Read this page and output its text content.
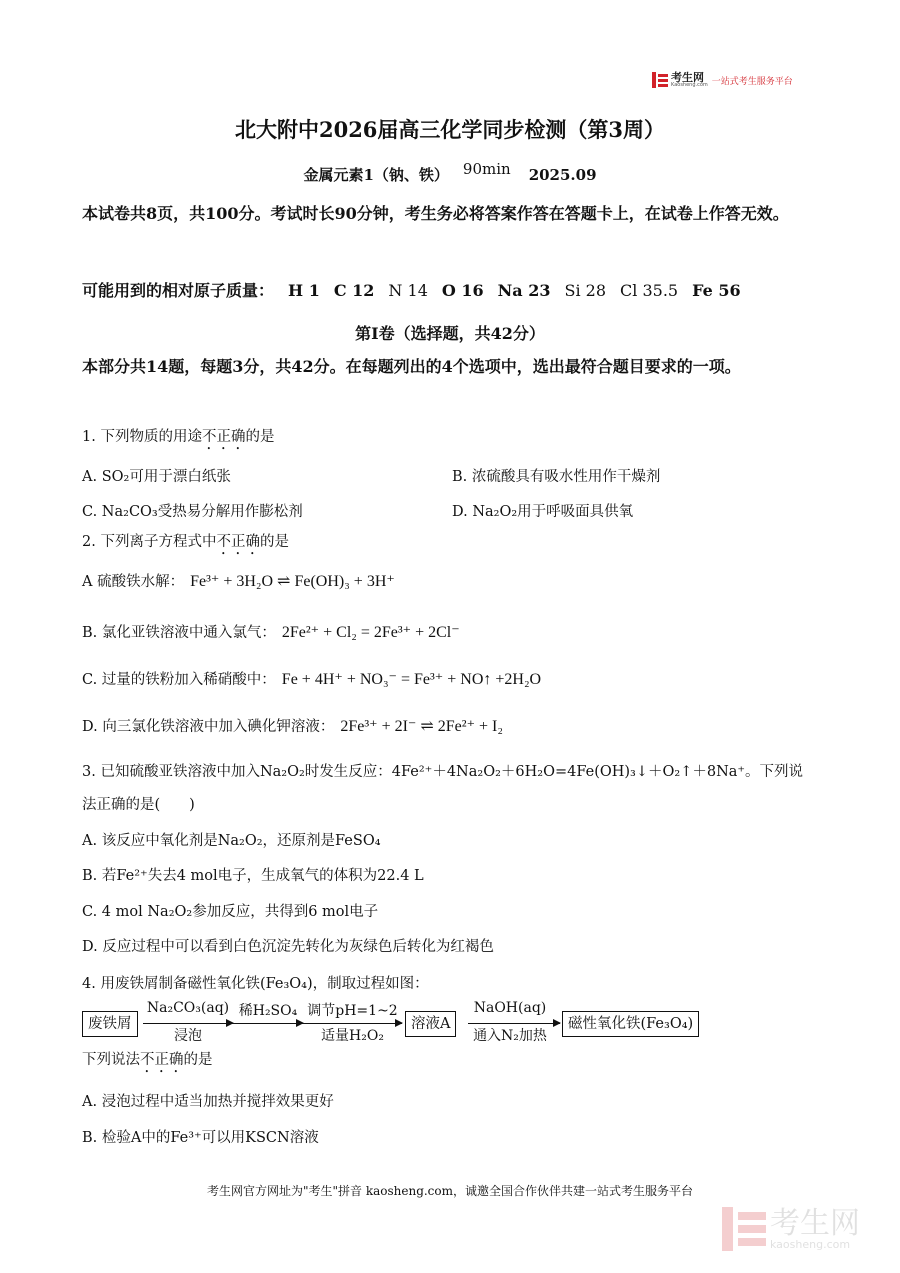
考生网
Kaosheng.com 一站式考生服务平台
北大附中2026届高三化学同步检测（第3周）
金属元素1（钠、铁） 90min 2025.09
本试卷共8页，共100分。考试时长90分钟，考生务必将答案作答在答题卡上，在试卷上作答无效。
可能用到的相对原子质量： H 1 C 12 N 14 O 16 Na 23 Si 28 Cl 35.5 Fe 56
第I卷（选择题，共42分）
本部分共14题，每题3分，共42分。在每题列出的4个选项中，选出最符合题目要求的一项。
1. 下列物质的用途不正确的是
A. SO₂可用于漂白纸张	B. 浓硫酸具有吸水性用作干燥剂
C. Na₂CO₃受热易分解用作膨松剂	D. Na₂O₂用于呼吸面具供氧
2. 下列离子方程式中不正确的是
A 硫酸铁水解： Fe³⁺ + 3H₂O ⇌ Fe(OH)₃ + 3H⁺
B. 氯化亚铁溶液中通入氯气： 2Fe²⁺ + Cl₂ = 2Fe³⁺ + 2Cl⁻
C. 过量的铁粉加入稀硝酸中： Fe + 4H⁺ + NO₃⁻ = Fe³⁺ + NO↑ +2H₂O
D. 向三氯化铁溶液中加入碘化钾溶液： 2Fe³⁺ + 2I⁻ ⇌ 2Fe²⁺ + I₂
3. 已知硫酸亚铁溶液中加入Na₂O₂时发生反应：4Fe²⁺＋4Na₂O₂＋6H₂O=4Fe(OH)₃↓＋O₂↑＋8Na⁺。下列说
法正确的是(　　)
A. 该反应中氧化剂是Na₂O₂，还原剂是FeSO₄
B. 若Fe²⁺失去4 mol电子，生成氧气的体积为22.4 L
C. 4 mol Na₂O₂参加反应，共得到6 mol电子
D. 反应过程中可以看到白色沉淀先转化为灰绿色后转化为红褐色
4. 用废铁屑制备磁性氧化铁(Fe₃O₄)，制取过程如图：
废铁屑
Na₂CO₃(aq)
浸泡
稀H₂SO₄ 调节pH=1~2
适量H₂O₂
溶液A
NaOH(aq)
通入N₂加热
磁性氧化铁(Fe₃O₄)
下列说法不正确的是
A. 浸泡过程中适当加热并搅拌效果更好
B. 检验A中的Fe³⁺可以用KSCN溶液
考生网官方网址为"考生"拼音 kaosheng.com，诚邀全国合作伙伴共建一站式考生服务平台
考生网
kaosheng.com
